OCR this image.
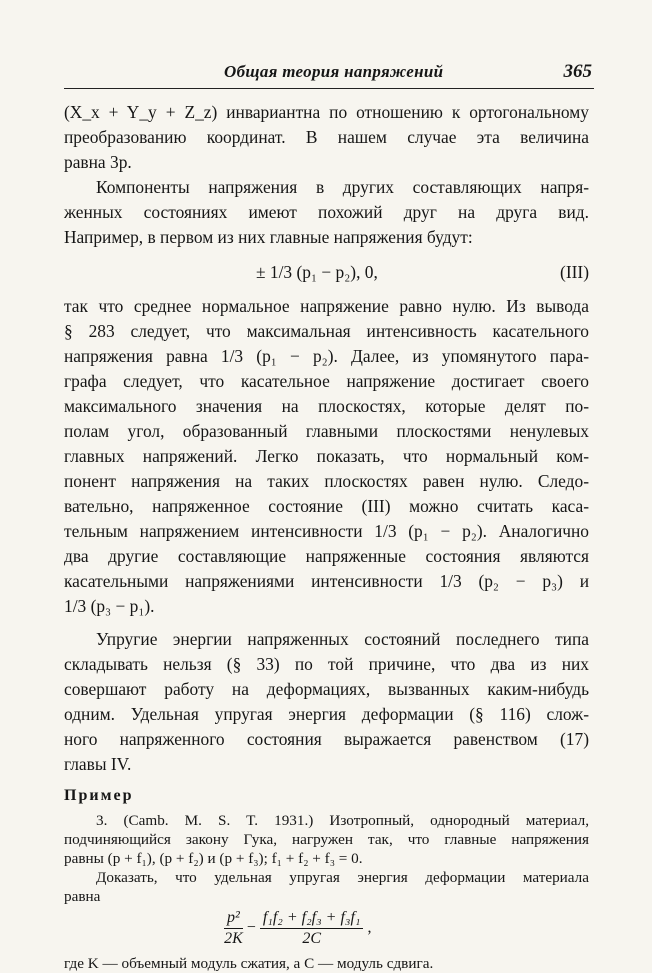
Общая теория напряжений	365
(X_x + Y_y + Z_z) инвариантна по отношению к ортогональному
преобразованию координат. В нашем случае эта величина
равна 3p.
Компоненты напряжения в других составляющих напря-
женных состояниях имеют похожий друг на друга вид.
Например, в первом из них главные напряжения будут:
± 1/3 (p₁ − p₂), 0,	(III)
так что среднее нормальное напряжение равно нулю. Из вывода
§ 283 следует, что максимальная интенсивность касательного
напряжения равна 1/3 (p₁ − p₂). Далее, из упомянутого пара-
графа следует, что касательное напряжение достигает своего
максимального значения на плоскостях, которые делят по-
полам угол, образованный главными плоскостями ненулевых
главных напряжений. Легко показать, что нормальный ком-
понент напряжения на таких плоскостях равен нулю. Следо-
вательно, напряженное состояние (III) можно считать каса-
тельным напряжением интенсивности 1/3 (p₁ − p₂). Аналогично
два другие составляющие напряженные состояния являются
касательными напряжениями интенсивности 1/3 (p₂ − p₃) и
1/3 (p₃ − p₁).
Упругие энергии напряженных состояний последнего типа
складывать нельзя (§ 33) по той причине, что два из них
совершают работу на деформациях, вызванных каким-нибудь
одним. Удельная упругая энергия деформации (§ 116) слож-
ного напряженного состояния выражается равенством (17)
главы IV.
Пример
3. (Camb. M. S. T. 1931.) Изотропный, однородный материал,
подчиняющийся закону Гука, нагружен так, что главные напряжения
равны (p + f₁), (p + f₂) и (p + f₃); f₁ + f₂ + f₃ = 0.
Доказать, что удельная упругая энергия деформации материала
равна
$\frac{\text{p²}}{2K} - \frac{\text{f₁f₂ + f₂f₃ + f₃f₁}}{2C}$ ,
где K — объемный модуль сжатия, а C — модуль сдвига.
